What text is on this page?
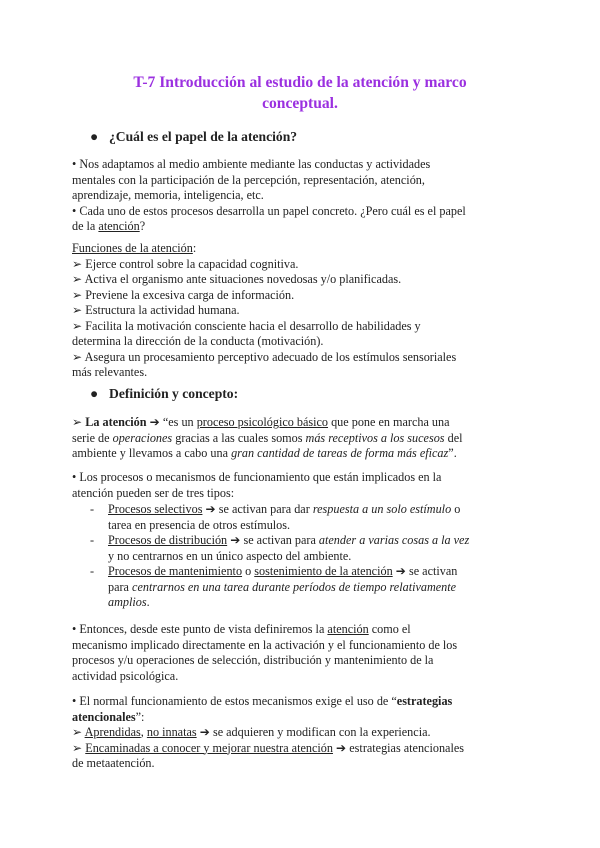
T-7 Introducción al estudio de la atención y marco
conceptual.
● ¿Cuál es el papel de la atención?
• Nos adaptamos al medio ambiente mediante las conductas y actividades
mentales con la participación de la percepción, representación, atención,
aprendizaje, memoria, inteligencia, etc.
• Cada uno de estos procesos desarrolla un papel concreto. ¿Pero cuál es el papel
de la atención?
Funciones de la atención:
➢ Ejerce control sobre la capacidad cognitiva.
➢ Activa el organismo ante situaciones novedosas y/o planificadas.
➢ Previene la excesiva carga de información.
➢ Estructura la actividad humana.
➢ Facilita la motivación consciente hacia el desarrollo de habilidades y
determina la dirección de la conducta (motivación).
➢ Asegura un procesamiento perceptivo adecuado de los estímulos sensoriales
más relevantes.
● Definición y concepto:
➢ La atención ➔ “es un proceso psicológico básico que pone en marcha una
serie de operaciones gracias a las cuales somos más receptivos a los sucesos del
ambiente y llevamos a cabo una gran cantidad de tareas de forma más eficaz”.
• Los procesos o mecanismos de funcionamiento que están implicados en la
atención pueden ser de tres tipos:
- Procesos selectivos ➔ se activan para dar respuesta a un solo estímulo o
tarea en presencia de otros estímulos.
- Procesos de distribución ➔ se activan para atender a varias cosas a la vez
y no centrarnos en un único aspecto del ambiente.
- Procesos de mantenimiento o sostenimiento de la atención ➔ se activan
para centrarnos en una tarea durante períodos de tiempo relativamente
amplios.
• Entonces, desde este punto de vista definiremos la atención como el
mecanismo implicado directamente en la activación y el funcionamiento de los
procesos y/u operaciones de selección, distribución y mantenimiento de la
actividad psicológica.
• El normal funcionamiento de estos mecanismos exige el uso de “estrategias
atencionales”:
➢ Aprendidas, no innatas ➔ se adquieren y modifican con la experiencia.
➢ Encaminadas a conocer y mejorar nuestra atención ➔ estrategias atencionales
de metaatención.
